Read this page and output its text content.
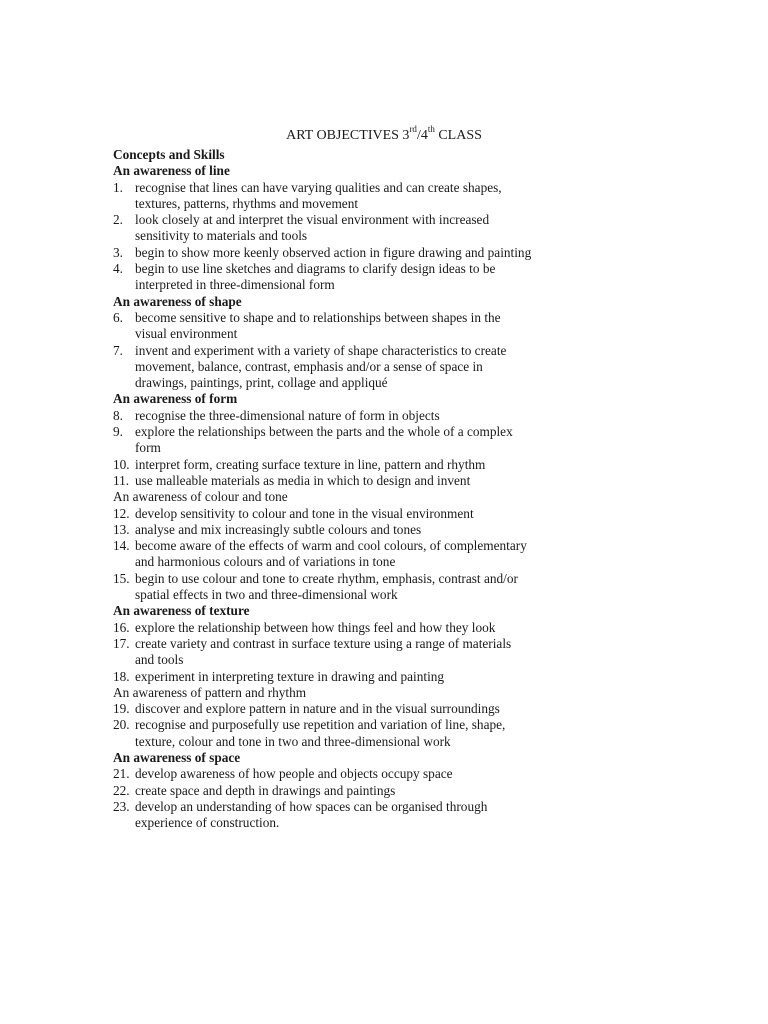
ART OBJECTIVES 3rd/4th CLASS
Concepts and Skills
An awareness of line
1. recognise that lines can have varying qualities and can create shapes,
textures, patterns, rhythms and movement
2. look closely at and interpret the visual environment with increased
sensitivity to materials and tools
3. begin to show more keenly observed action in figure drawing and painting
4. begin to use line sketches and diagrams to clarify design ideas to be
interpreted in three-dimensional form
An awareness of shape
6. become sensitive to shape and to relationships between shapes in the
visual environment
7. invent and experiment with a variety of shape characteristics to create
movement, balance, contrast, emphasis and/or a sense of space in
drawings, paintings, print, collage and appliqué
An awareness of form
8. recognise the three-dimensional nature of form in objects
9. explore the relationships between the parts and the whole of a complex
form
10. interpret form, creating surface texture in line, pattern and rhythm
11. use malleable materials as media in which to design and invent
An awareness of colour and tone
12. develop sensitivity to colour and tone in the visual environment
13. analyse and mix increasingly subtle colours and tones
14. become aware of the effects of warm and cool colours, of complementary
and harmonious colours and of variations in tone
15. begin to use colour and tone to create rhythm, emphasis, contrast and/or
spatial effects in two and three-dimensional work
An awareness of texture
16. explore the relationship between how things feel and how they look
17. create variety and contrast in surface texture using a range of materials
and tools
18. experiment in interpreting texture in drawing and painting
An awareness of pattern and rhythm
19. discover and explore pattern in nature and in the visual surroundings
20. recognise and purposefully use repetition and variation of line, shape,
texture, colour and tone in two and three-dimensional work
An awareness of space
21. develop awareness of how people and objects occupy space
22. create space and depth in drawings and paintings
23. develop an understanding of how spaces can be organised through
experience of construction.
